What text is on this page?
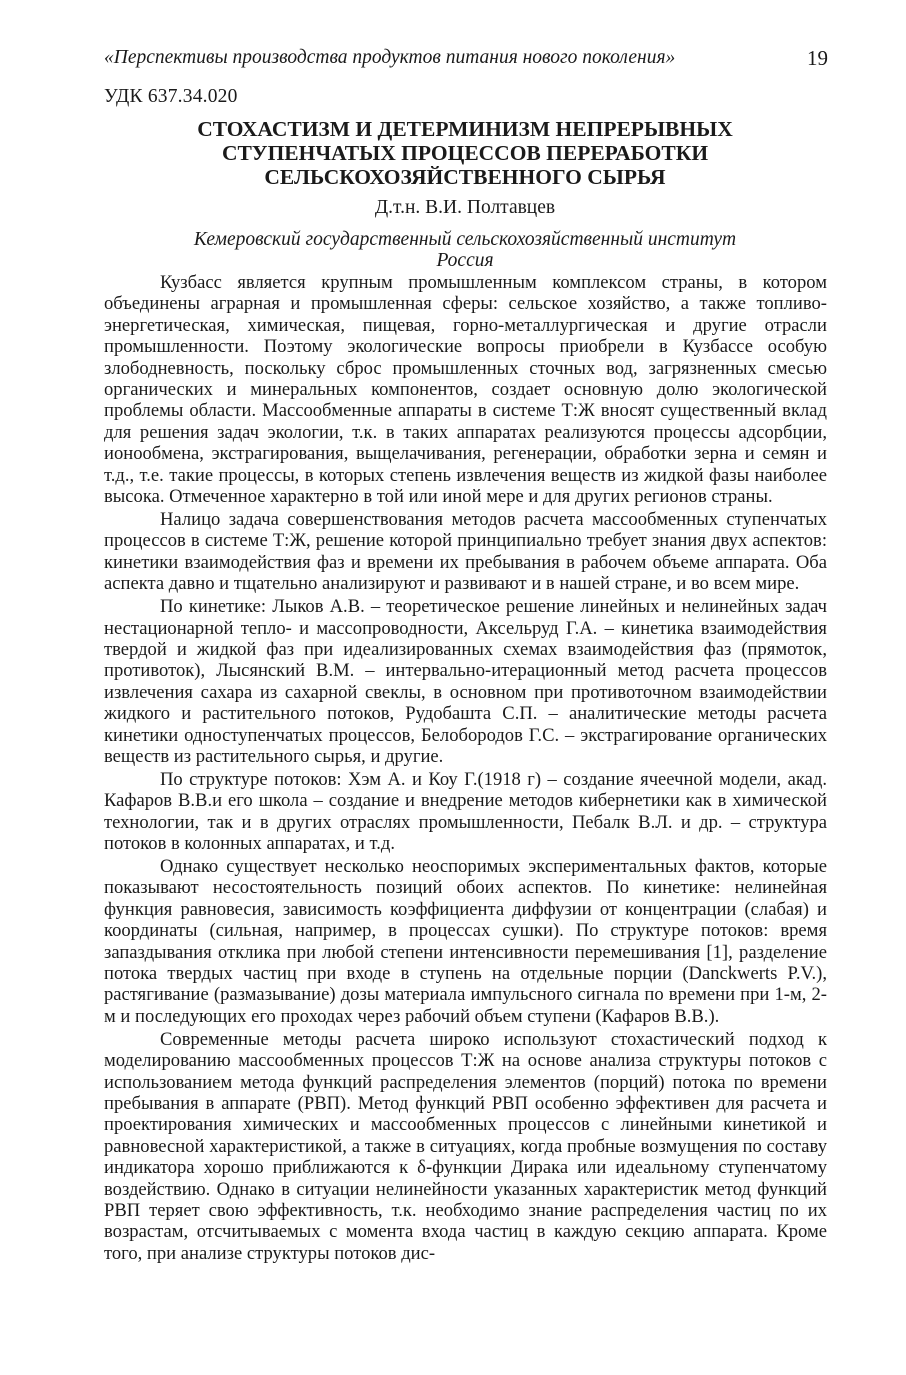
«Перспективы производства продуктов питания нового поколения»	19
УДК 637.34.020
СТОХАСТИЗМ И ДЕТЕРМИНИЗМ НЕПРЕРЫВНЫХ
СТУПЕНЧАТЫХ ПРОЦЕССОВ ПЕРЕРАБОТКИ
СЕЛЬСКОХОЗЯЙСТВЕННОГО СЫРЬЯ
Д.т.н. В.И. Полтавцев
Кемеровский государственный сельскохозяйственный институт
Россия

Кузбасс является крупным промышленным комплексом страны, в котором объединены аграрная и промышленная сферы: сельское хозяйство, а также топливо-энергетическая, химическая, пищевая, горно-металлургическая и другие отрасли промышленности. Поэтому экологические вопросы приобрели в Кузбассе особую злободневность, поскольку сброс промышленных сточных вод, загрязненных смесью органических и минеральных компонентов, создает основную долю экологической проблемы области. Массообменные аппараты в системе Т:Ж вносят существенный вклад для решения задач экологии, т.к. в таких аппаратах реализуются процессы адсорбции, ионообмена, экстрагирования, выщелачивания, регенерации, обработки зерна и семян и т.д., т.е. такие процессы, в которых степень извлечения веществ из жидкой фазы наиболее высока. Отмеченное характерно в той или иной мере и для других регионов страны.

Налицо задача совершенствования методов расчета массообменных ступенчатых процессов в системе Т:Ж, решение которой принципиально требует знания двух аспектов: кинетики взаимодействия фаз и времени их пребывания в рабочем объеме аппарата. Оба аспекта давно и тщательно анализируют и развивают и в нашей стране, и во всем мире.

По кинетике: Лыков А.В. – теоретическое решение линейных и нелинейных задач нестационарной тепло- и массопроводности, Аксельруд Г.А. – кинетика взаимодействия твердой и жидкой фаз при идеализированных схемах взаимодействия фаз (прямоток, противоток), Лысянский В.М. – интервально-итерационный метод расчета процессов извлечения сахара из сахарной свеклы, в основном при противоточном взаимодействии жидкого и растительного потоков, Рудобашта С.П. – аналитические методы расчета кинетики одноступенчатых процессов, Белобородов Г.С. – экстрагирование органических веществ из растительного сырья, и другие.

По структуре потоков: Хэм А. и Коу Г.(1918 г) – создание ячеечной модели, акад. Кафаров В.В.и его школа – создание и внедрение методов кибернетики как в химической технологии, так и в других отраслях промышленности, Пебалк В.Л. и др. – структура потоков в колонных аппаратах, и т.д.

Однако существует несколько неоспоримых экспериментальных фактов, которые показывают несостоятельность позиций обоих аспектов. По кинетике: нелинейная функция равновесия, зависимость коэффициента диффузии от концентрации (слабая) и координаты (сильная, например, в процессах сушки). По структуре потоков: время запаздывания отклика при любой степени интенсивности перемешивания [1], разделение потока твердых частиц при входе в ступень на отдельные порции (Danckwerts P.V.), растягивание (размазывание) дозы материала импульсного сигнала по времени при 1-м, 2-м и последующих его проходах через рабочий объем ступени (Кафаров В.В.).

Современные методы расчета широко используют стохастический подход к моделированию массообменных процессов Т:Ж на основе анализа структуры потоков с использованием метода функций распределения элементов (порций) потока по времени пребывания в аппарате (РВП). Метод функций РВП особенно эффективен для расчета и проектирования химических и массообменных процессов с линейными кинетикой и равновесной характеристикой, а также в ситуациях, когда пробные возмущения по составу индикатора хорошо приближаются к δ-функции Дирака или идеальному ступенчатому воздействию. Однако в ситуации нелинейности указанных характеристик метод функций РВП теряет свою эффективность, т.к. необходимо знание распределения частиц по их возрастам, отсчитываемых с момента входа частиц в каждую секцию аппарата. Кроме того, при анализе структуры потоков дис-
